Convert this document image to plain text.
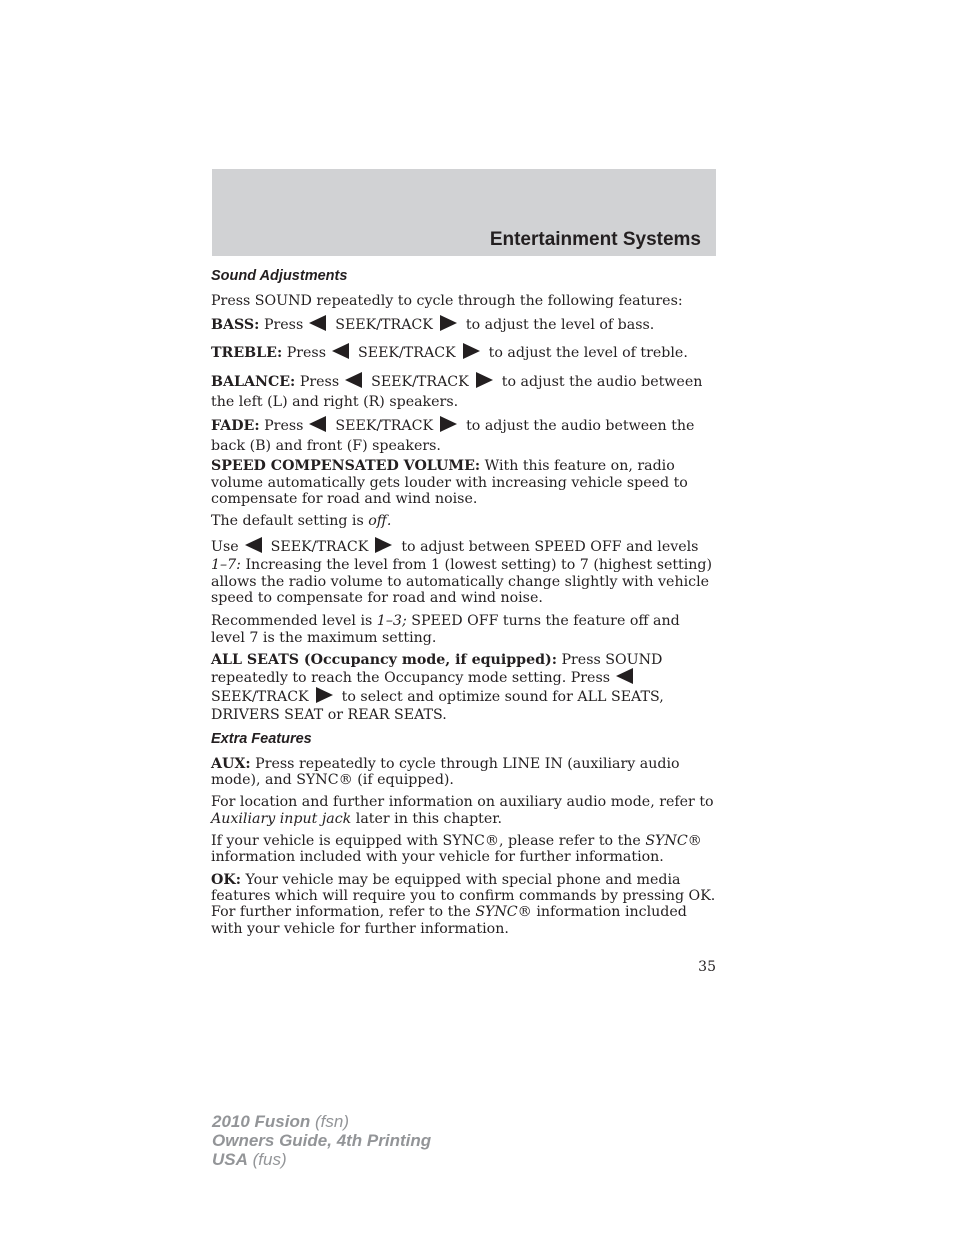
Entertainment Systems
Sound Adjustments

Press SOUND repeatedly to cycle through the following features:

BASS: Press SEEK/TRACK to adjust the level of bass.

TREBLE: Press SEEK/TRACK to adjust the level of treble.

BALANCE: Press SEEK/TRACK to adjust the audio between
the left (L) and right (R) speakers.

FADE: Press SEEK/TRACK to adjust the audio between the
back (B) and front (F) speakers.

SPEED COMPENSATED VOLUME: With this feature on, radio volume automatically gets louder with increasing vehicle speed to compensate for road and wind noise.

The default setting is off.

Use SEEK/TRACK to adjust between SPEED OFF and levels
1–7: Increasing the level from 1 (lowest setting) to 7 (highest setting) allows the radio volume to automatically change slightly with vehicle speed to compensate for road and wind noise.

Recommended level is 1–3; SPEED OFF turns the feature off and level 7 is the maximum setting.

ALL SEATS (Occupancy mode, if equipped): Press SOUND repeatedly to reach the Occupancy mode setting. Press
SEEK/TRACK to select and optimize sound for ALL SEATS,
DRIVERS SEAT or REAR SEATS.

Extra Features

AUX: Press repeatedly to cycle through LINE IN (auxiliary audio mode), and SYNC® (if equipped).

For location and further information on auxiliary audio mode, refer to Auxiliary input jack later in this chapter.

If your vehicle is equipped with SYNC®, please refer to the SYNC® information included with your vehicle for further information.

OK: Your vehicle may be equipped with special phone and media features which will require you to confirm commands by pressing OK. For further information, refer to the SYNC® information included with your vehicle for further information.

35

2010 Fusion (fsn)
Owners Guide, 4th Printing
USA (fus)
